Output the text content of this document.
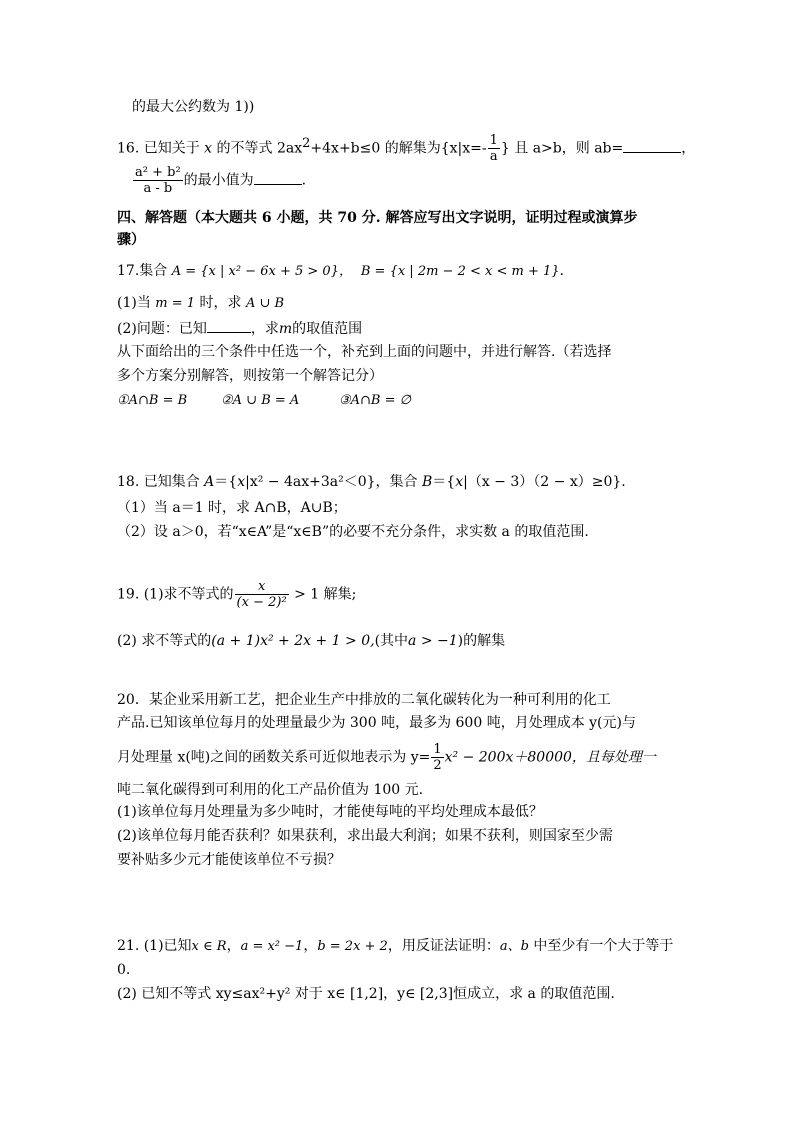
的最大公约数为 1))
16. 已知关于 x 的不等式 $2ax^2+4x+b\le 0$ 的解集为{$x|x=- \frac{1}{a}$ } 且 a>b，则 ab=	，
$\frac{\text{a² + b²}}{a - b}$ 的最小值为	.
四、解答题（本大题共 6 小题，共 70 分. 解答应写出文字说明，证明过程或演算步
骤）
17.集合 A = {x | x² − 6x + 5 > 0}， B = {x | 2m − 2 < x < m + 1}.
(1)当 m = 1 时，求 A ∪ B
(2)问题：已知	，求m的取值范围
从下面给出的三个条件中任选一个，补充到上面的问题中，并进行解答.（若选择
多个方案分别解答，则按第一个解答记分）
①A∩B = B	②A ∪ B = A	③A∩B = ∅
18. 已知集合 A＝{x|x² − 4ax+3a²＜0}，集合 B＝{x|（x − 3）（2 − x）≥0}.
（1）当 a＝1 时，求 A∩B，A∪B；
（2）设 a＞0，若“x∈A”是“x∈B”的必要不充分条件，求实数 a 的取值范围.
19. (1)求不等式的 $\frac{x}{\text{(x − 2)²}} > 1$ 解集;
(2) 求不等式的(a + 1)x² + 2x + 1 > 0,(其中a > −1)的解集
20．某企业采用新工艺，把企业生产中排放的二氧化碳转化为一种可利用的化工
产品.已知该单位每月的处理量最少为 300 吨，最多为 600 吨，月处理成本 y(元)与
月处理量 x(吨)之间的函数关系可近似地表示为 $y= \frac{1}{2} x^2 - 200x+80000$，且每处理一
吨二氧化碳得到可利用的化工产品价值为 100 元.
(1)该单位每月处理量为多少吨时，才能使每吨的平均处理成本最低？
(2)该单位每月能否获利？如果获利，求出最大利润；如果不获利，则国家至少需
要补贴多少元才能使该单位不亏损？
21. (1)已知x ∈ R，a = x² −1，b = 2x + 2，用反证法证明：a、b 中至少有一个大于等于
0.
(2) 已知不等式 xy≤ax²+y² 对于 x∈ [1,2]，y∈ [2,3]恒成立，求 a 的取值范围.
